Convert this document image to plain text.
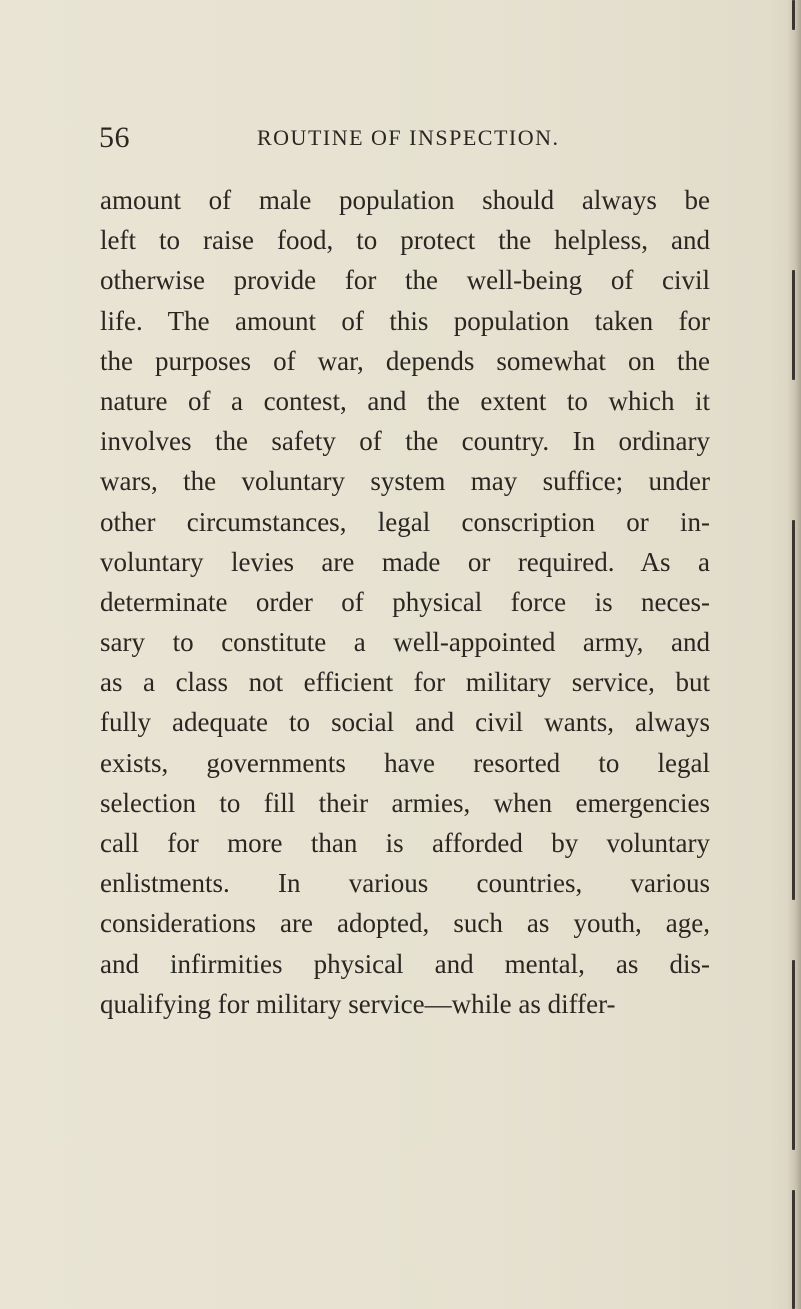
56	ROUTINE OF INSPECTION.
amount of male population should always be
left to raise food, to protect the helpless, and
otherwise provide for the well-being of civil
life. The amount of this population taken for
the purposes of war, depends somewhat on the
nature of a contest, and the extent to which it
involves the safety of the country. In ordinary
wars, the voluntary system may suffice; under
other circumstances, legal conscription or in-
voluntary levies are made or required. As a
determinate order of physical force is neces-
sary to constitute a well-appointed army, and
as a class not efficient for military service, but
fully adequate to social and civil wants, always
exists, governments have resorted to legal
selection to fill their armies, when emergencies
call for more than is afforded by voluntary
enlistments. In various countries, various
considerations are adopted, such as youth, age,
and infirmities physical and mental, as dis-
qualifying for military service—while as differ-
